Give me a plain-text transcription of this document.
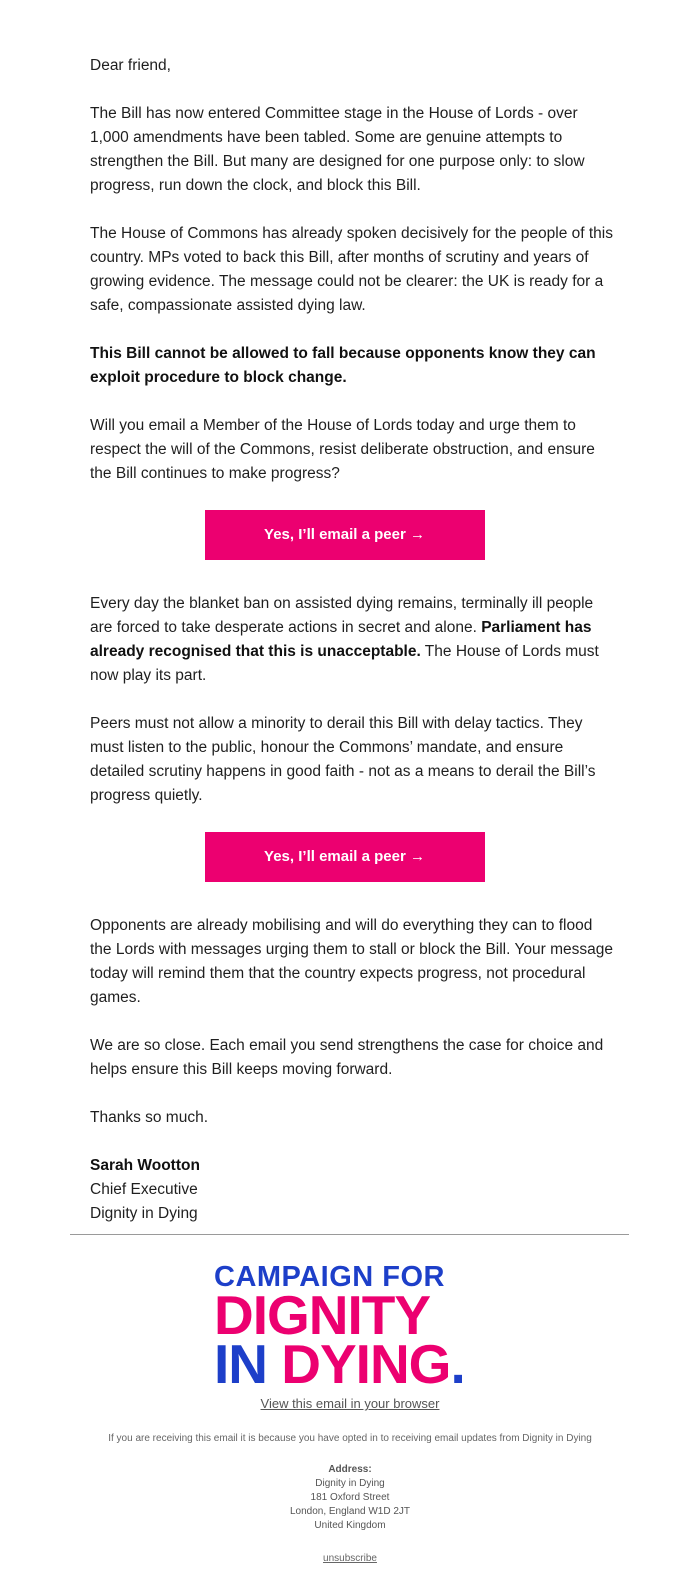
Dear friend,

The Bill has now entered Committee stage in the House of Lords - over 1,000 amendments have been tabled. Some are genuine attempts to strengthen the Bill. But many are designed for one purpose only: to slow progress, run down the clock, and block this Bill.

The House of Commons has already spoken decisively for the people of this country. MPs voted to back this Bill, after months of scrutiny and years of growing evidence. The message could not be clearer: the UK is ready for a safe, compassionate assisted dying law.

This Bill cannot be allowed to fall because opponents know they can exploit procedure to block change.

Will you email a Member of the House of Lords today and urge them to respect the will of the Commons, resist deliberate obstruction, and ensure the Bill continues to make progress?

Yes, I’ll email a peer →

Every day the blanket ban on assisted dying remains, terminally ill people are forced to take desperate actions in secret and alone. Parliament has already recognised that this is unacceptable. The House of Lords must now play its part.

Peers must not allow a minority to derail this Bill with delay tactics. They must listen to the public, honour the Commons’ mandate, and ensure detailed scrutiny happens in good faith - not as a means to derail the Bill’s progress quietly.

Yes, I’ll email a peer →

Opponents are already mobilising and will do everything they can to flood the Lords with messages urging them to stall or block the Bill. Your message today will remind them that the country expects progress, not procedural games.

We are so close. Each email you send strengthens the case for choice and helps ensure this Bill keeps moving forward.

Thanks so much.

Sarah Wootton

Chief Executive

Dignity in Dying

CAMPAIGN FOR
DIGNITY
IN DYING.
View this email in your browser
If you are receiving this email it is because you have opted in to receiving email updates from Dignity in Dying
Address:
Dignity in Dying
181 Oxford Street
London, England W1D 2JT
United Kingdom
unsubscribe
